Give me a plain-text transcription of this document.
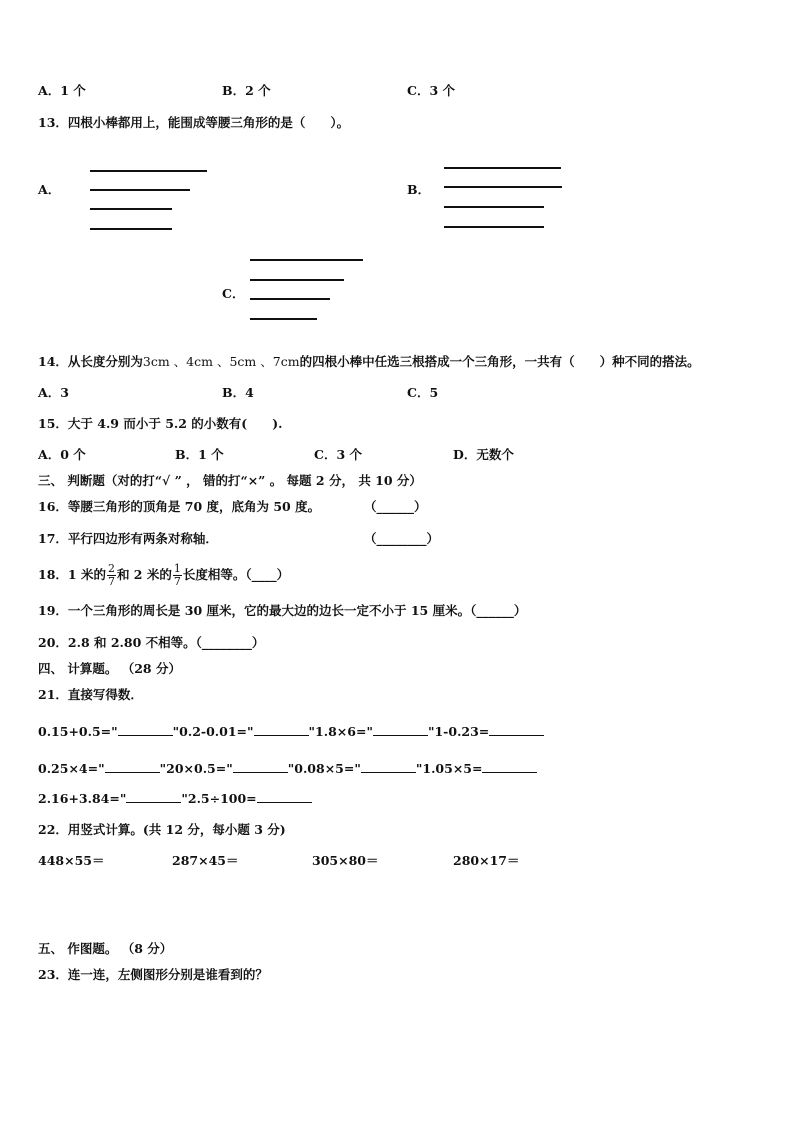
A．1 个	B．2 个	C．3 个
13．四根小棒都用上，能围成等腰三角形的是（　　）。
A．	B．
C．
14．从长度分别为3cm 、4cm 、5cm 、7cm的四根小棒中任选三根搭成一个三角形，一共有（　　）种不同的搭法。
A．3	B．4	C．5
15．大于 4.9 而小于 5.2 的小数有(　　).
A．0 个	B．1 个	C．3 个	D．无数个
三、 判断题（对的打“√ ” ， 错的打“×” 。 每题 2 分， 共 10 分）
16．等腰三角形的顶角是 70 度，底角为 50 度。	（______）
17．平行四边形有两条对称轴．	（________）
18．1 米的 $\frac{2}{7}$ 和 2 米的 $\frac{1}{7}$ 长度相等。（____）
19．一个三角形的周长是 30 厘米，它的最大边的边长一定不小于 15 厘米。（______）
20．2.8 和 2.80 不相等。（________）
四、 计算题。 （28 分）
21．直接写得数．
0.15+0.5="	"0.2-0.01="	"1.8×6="	"1-0.23=
0.25×4="	"20×0.5="	"0.08×5="	"1.05×5=
2.16+3.84="	"2.5÷100=
22．用竖式计算。(共 12 分，每小题 3 分)
448×55＝	287×45＝	305×80＝	280×17＝
五、 作图题。 （8 分）
23．连一连，左侧图形分别是谁看到的？
